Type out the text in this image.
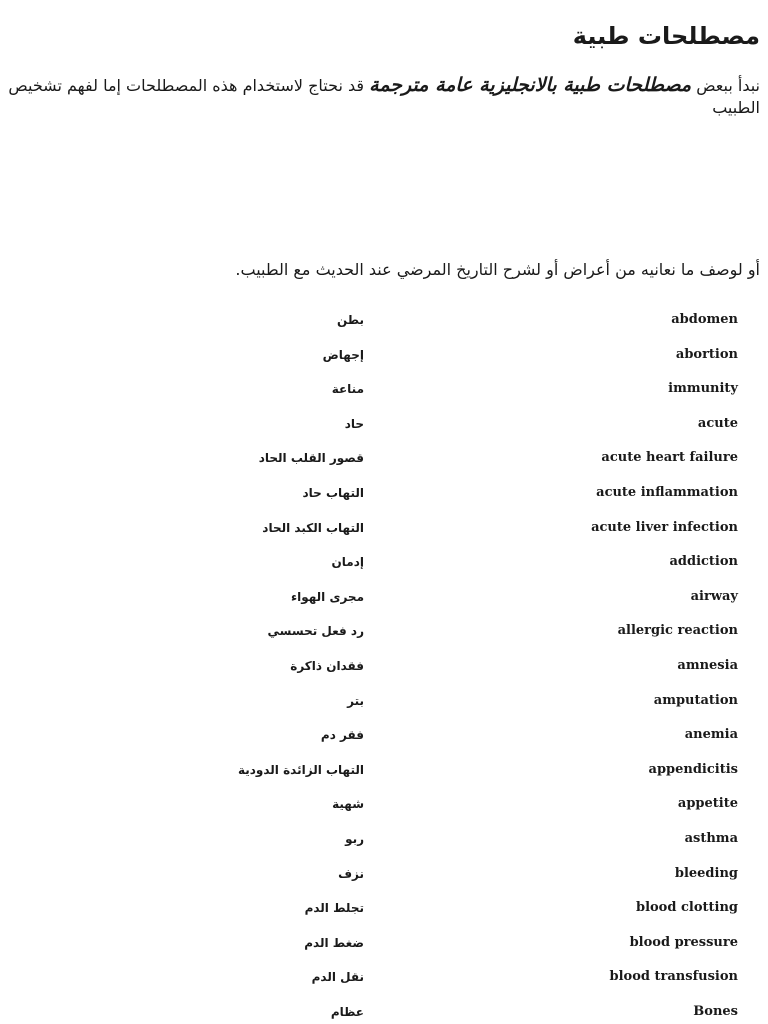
مصطلحات طبية
نبدأ ببعض مصطلحات طبية بالانجليزية عامة مترجمة قد نحتاج لاستخدام هذه المصطلحات إما لفهم تشخيص الطبيب
أو لوصف ما نعانيه من أعراض أو لشرح التاريخ المرضي عند الحديث مع الطبيب.
abdomen
بطن
abortion
إجهاض
immunity
مناعة
acute
حاد
acute heart failure
قصور القلب الحاد
acute inflammation
التهاب حاد
acute liver infection
التهاب الكبد الحاد
addiction
إدمان
airway
مجرى الهواء
allergic reaction
رد فعل تحسسي
amnesia
فقدان ذاكرة
amputation
بتر
anemia
فقر دم
appendicitis
التهاب الزائدة الدودية
appetite
شهية
asthma
ربو
bleeding
نزف
blood clotting
تجلط الدم
blood pressure
ضغط الدم
blood transfusion
نقل الدم
Bones
عظام
